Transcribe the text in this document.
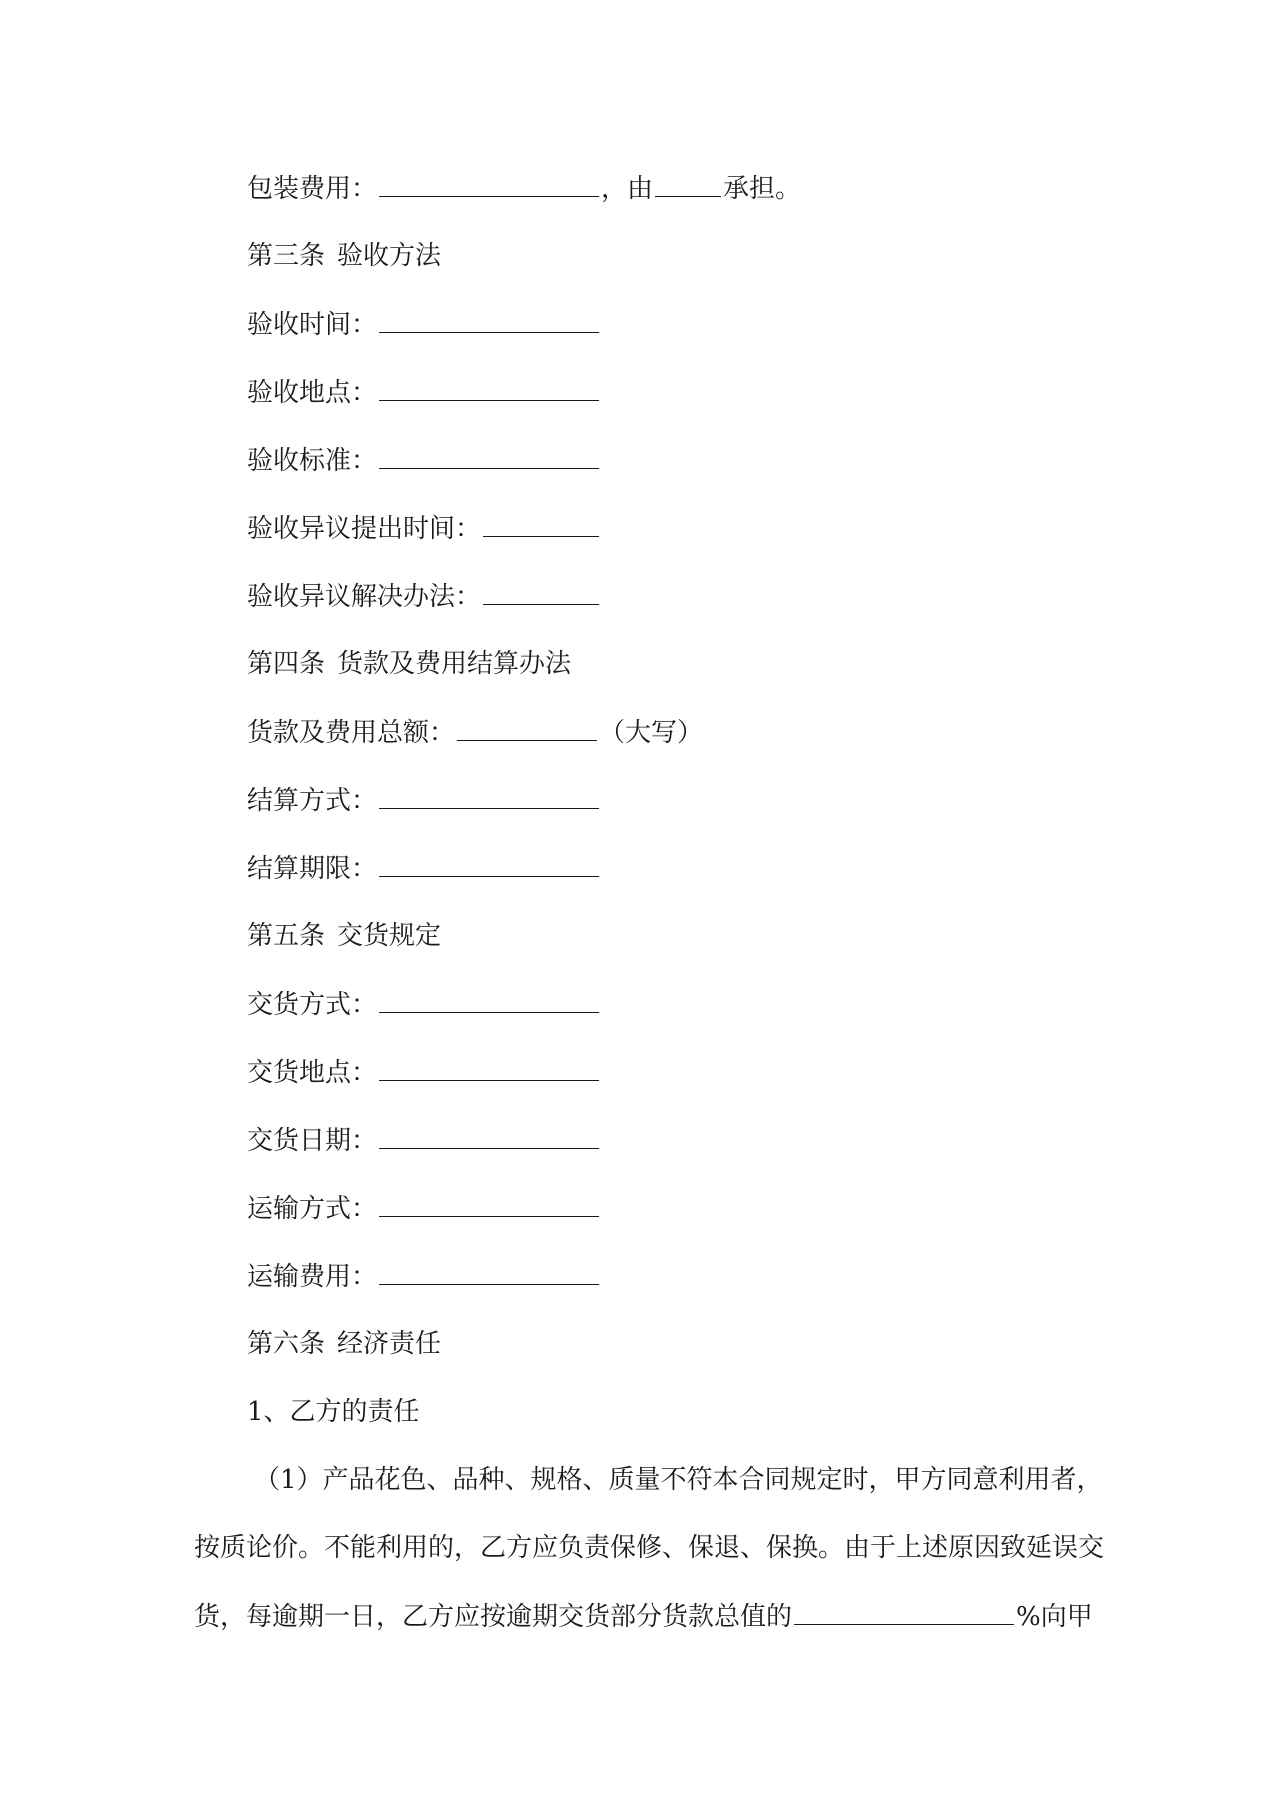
包装费用：	，由	承担。
第三条 验收方法
验收时间：
验收地点：
验收标准：
验收异议提出时间：
验收异议解决办法：
第四条 货款及费用结算办法
货款及费用总额：	（大写）
结算方式：
结算期限：
第五条 交货规定
交货方式：
交货地点：
交货日期：
运输方式：
运输费用：
第六条 经济责任
1、乙方的责任
（1）产品花色、品种、规格、质量不符本合同规定时，甲方同意利用者，
按质论价。不能利用的，乙方应负责保修、保退、保换。由于上述原因致延误交
货，每逾期一日，乙方应按逾期交货部分货款总值的	%向甲
